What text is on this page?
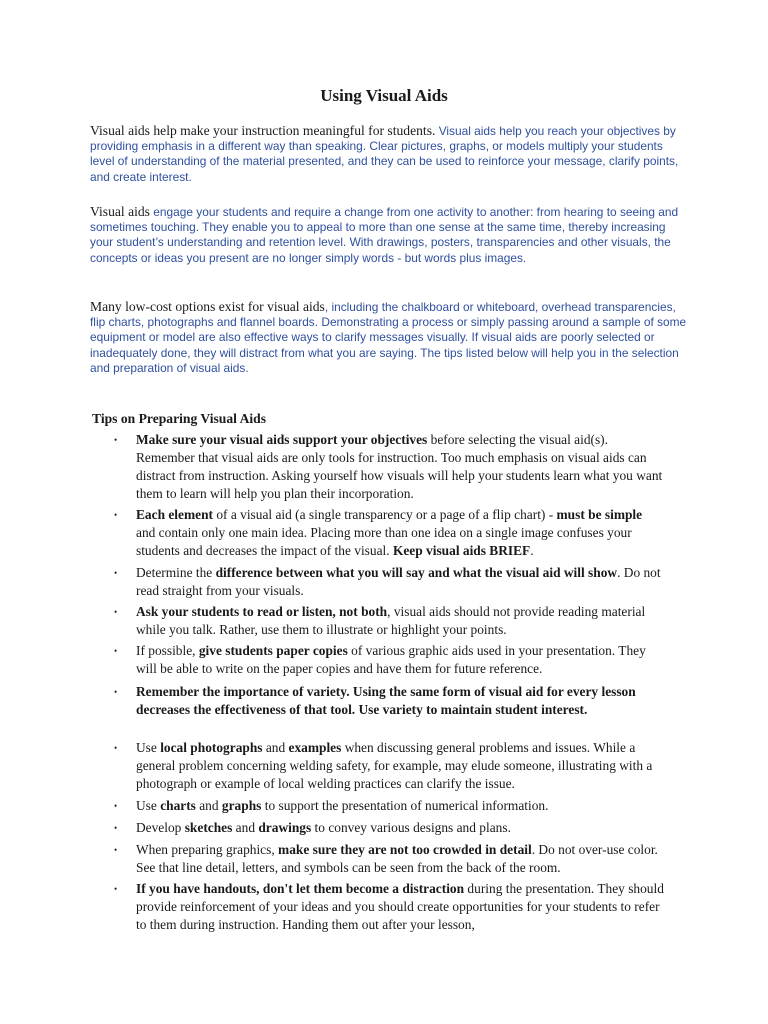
Using Visual Aids

Visual aids help make your instruction meaningful for students. Visual aids help you reach your objectives by providing emphasis in a different way than speaking. Clear pictures, graphs, or models multiply your students level of understanding of the material presented, and they can be used to reinforce your message, clarify points, and create interest.

Visual aids engage your students and require a change from one activity to another: from hearing to seeing and sometimes touching. They enable you to appeal to more than one sense at the same time, thereby increasing your student’s understanding and retention level. With drawings, posters, transparencies and other visuals, the concepts or ideas you present are no longer simply words - but words plus images.

Many low-cost options exist for visual aids, including the chalkboard or whiteboard, overhead transparencies, flip charts, photographs and flannel boards. Demonstrating a process or simply passing around a sample of some equipment or model are also effective ways to clarify messages visually. If visual aids are poorly selected or inadequately done, they will distract from what you are saying. The tips listed below will help you in the selection and preparation of visual aids.

Tips on Preparing Visual Aids
• Make sure your visual aids support your objectives before selecting the visual aid(s). Remember that visual aids are only tools for instruction. Too much emphasis on visual aids can distract from instruction. Asking yourself how visuals will help your students learn what you want them to learn will help you plan their incorporation.
• Each element of a visual aid (a single transparency or a page of a flip chart) - must be simple and contain only one main idea. Placing more than one idea on a single image confuses your students and decreases the impact of the visual. Keep visual aids BRIEF.
• Determine the difference between what you will say and what the visual aid will show. Do not read straight from your visuals.
• Ask your students to read or listen, not both, visual aids should not provide reading material while you talk. Rather, use them to illustrate or highlight your points.
• If possible, give students paper copies of various graphic aids used in your presentation. They will be able to write on the paper copies and have them for future reference.
• Remember the importance of variety. Using the same form of visual aid for every lesson decreases the effectiveness of that tool. Use variety to maintain student interest.
• Use local photographs and examples when discussing general problems and issues. While a general problem concerning welding safety, for example, may elude someone, illustrating with a photograph or example of local welding practices can clarify the issue.
• Use charts and graphs to support the presentation of numerical information.
• Develop sketches and drawings to convey various designs and plans.
• When preparing graphics, make sure they are not too crowded in detail. Do not over-use color. See that line detail, letters, and symbols can be seen from the back of the room.
• If you have handouts, don't let them become a distraction during the presentation. They should provide reinforcement of your ideas and you should create opportunities for your students to refer to them during instruction. Handing them out after your lesson,
